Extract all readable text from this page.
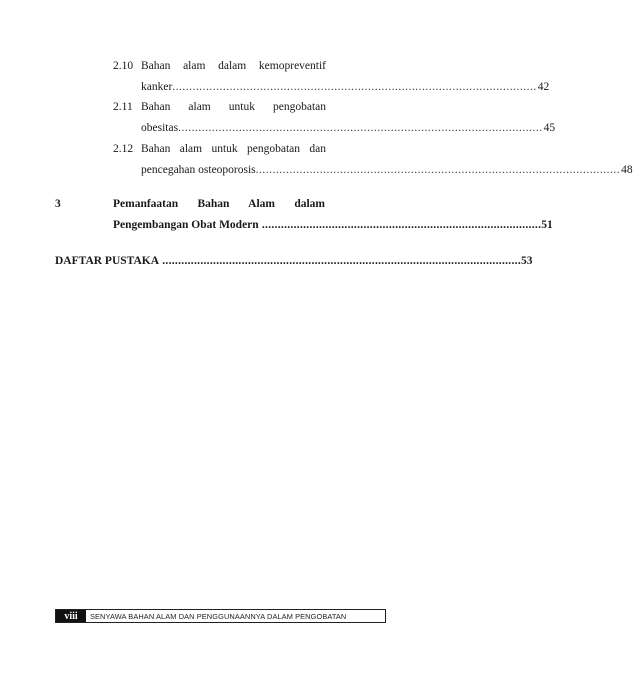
2.10 Bahan alam dalam kemopreventif
kanker ............................................................................................................ 42
2.11 Bahan alam untuk pengobatan
obesitas ............................................................................................................ 45
2.12 Bahan alam untuk pengobatan dan
pencegahan osteoporosis ............................................................................................................ 48
3	Pemanfaatan Bahan Alam dalam
Pengembangan Obat Modern ........................................................................................ 51
DAFTAR PUSTAKA ................................................................................................................. 53
viii	SENYAWA BAHAN ALAM DAN PENGGUNAANNYA DALAM PENGOBATAN
